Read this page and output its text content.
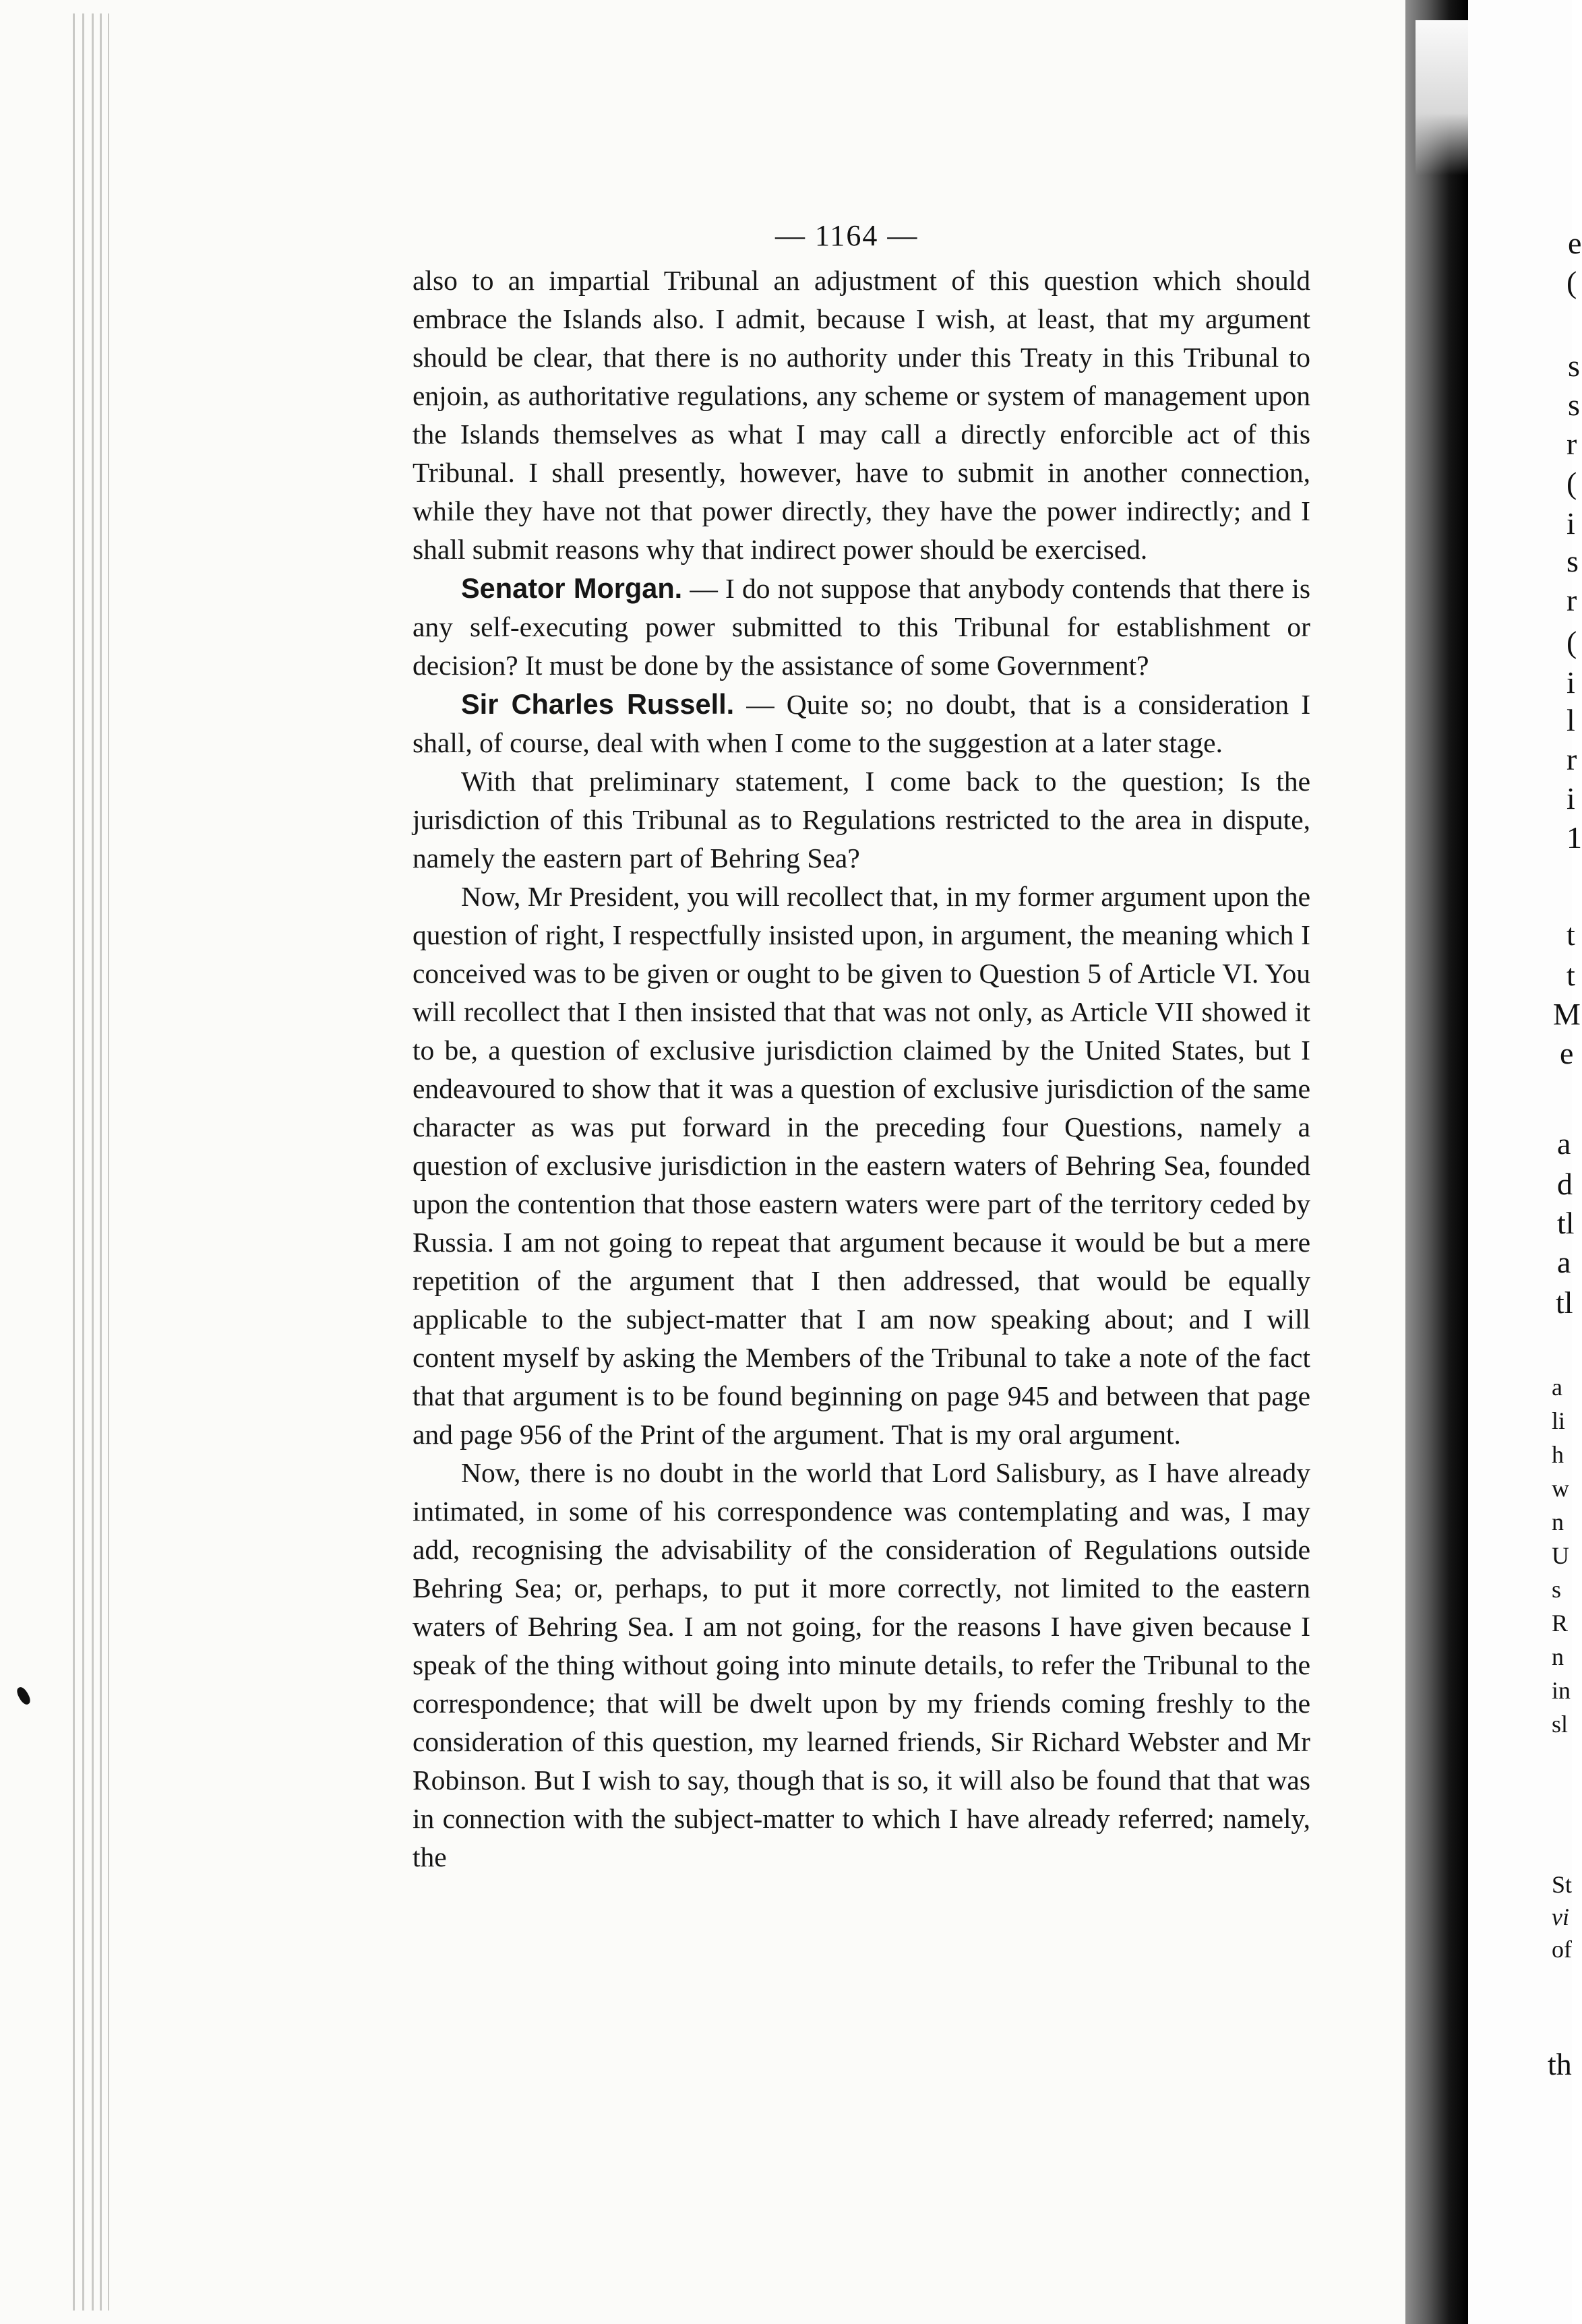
— 1164 —

also to an impartial Tribunal an adjustment of this question which should embrace the Islands also. I admit, because I wish, at least, that my argument should be clear, that there is no authority under this Treaty in this Tribunal to enjoin, as authoritative regulations, any scheme or system of management upon the Islands themselves as what I may call a directly enforcible act of this Tribunal. I shall presently, however, have to submit in another connection, while they have not that power directly, they have the power indirectly; and I shall submit reasons why that indirect power should be exercised.

Senator Morgan. — I do not suppose that anybody contends that there is any self-executing power submitted to this Tribunal for establishment or decision? It must be done by the assistance of some Government?

Sir Charles Russell. — Quite so; no doubt, that is a consideration I shall, of course, deal with when I come to the suggestion at a later stage.

With that preliminary statement, I come back to the question; Is the jurisdiction of this Tribunal as to Regulations restricted to the area in dispute, namely the eastern part of Behring Sea?

Now, Mr President, you will recollect that, in my former argument upon the question of right, I respectfully insisted upon, in argument, the meaning which I conceived was to be given or ought to be given to Question 5 of Article VI. You will recollect that I then insisted that that was not only, as Article VII showed it to be, a question of exclusive jurisdiction claimed by the United States, but I endeavoured to show that it was a question of exclusive jurisdiction of the same character as was put forward in the preceding four Questions, namely a question of exclusive jurisdiction in the eastern waters of Behring Sea, founded upon the contention that those eastern waters were part of the territory ceded by Russia. I am not going to repeat that argument because it would be but a mere repetition of the argument that I then addressed, that would be equally applicable to the subject-matter that I am now speaking about; and I will content myself by asking the Members of the Tribunal to take a note of the fact that that argument is to be found beginning on page 945 and between that page and page 956 of the Print of the argument. That is my oral argument.

Now, there is no doubt in the world that Lord Salisbury, as I have already intimated, in some of his correspondence was contemplating and was, I may add, recognising the advisability of the consideration of Regulations outside Behring Sea; or, perhaps, to put it more correctly, not limited to the eastern waters of Behring Sea. I am not going, for the reasons I have given because I speak of the thing without going into minute details, to refer the Tribunal to the correspondence; that will be dwelt upon by my friends coming freshly to the consideration of this question, my learned friends, Sir Richard Webster and Mr Robinson. But I wish to say, though that is so, it will also be found that that was in connection with the subject-matter to which I have already referred; namely, the

e
(
s
s
r
(
i
s
r
(
i
l
r
i
1
t
t
M
e
a
d
tl
a
tl
a
li
h
w
n
U
s
R
n
in
sl
St
vi
of
th
